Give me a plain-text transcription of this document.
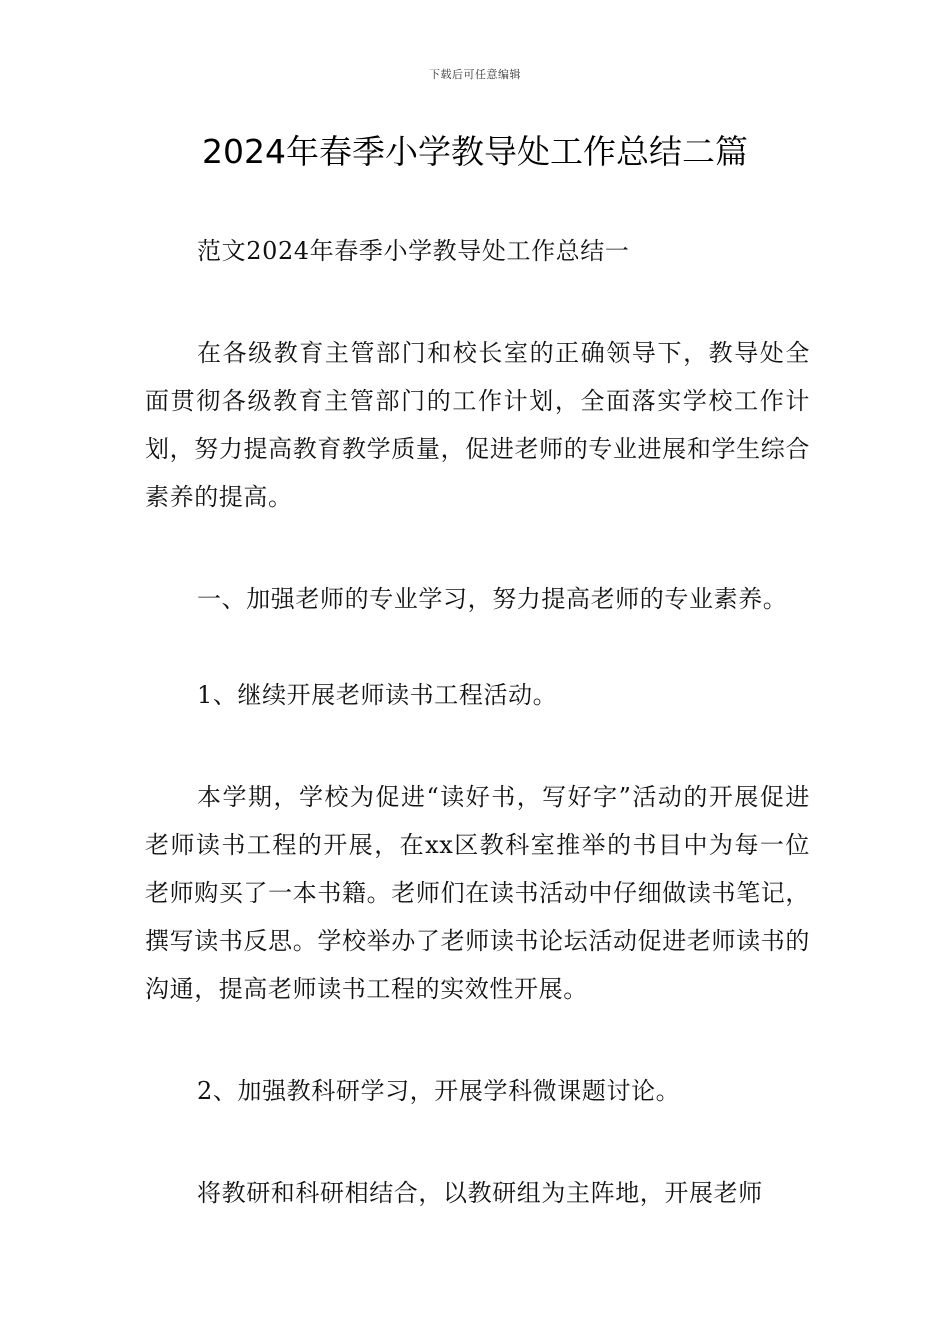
下载后可任意编辑
2024年春季小学教导处工作总结二篇

范文2024年春季小学教导处工作总结一

在各级教育主管部门和校长室的正确领导下，教导处全面贯彻各级教育主管部门的工作计划，全面落实学校工作计划，努力提高教育教学质量，促进老师的专业进展和学生综合素养的提高。

一、加强老师的专业学习，努力提高老师的专业素养。

1、继续开展老师读书工程活动。

本学期，学校为促进“读好书，写好字”活动的开展促进老师读书工程的开展，在xx区教科室推举的书目中为每一位老师购买了一本书籍。老师们在读书活动中仔细做读书笔记，撰写读书反思。学校举办了老师读书论坛活动促进老师读书的沟通，提高老师读书工程的实效性开展。

2、加强教科研学习，开展学科微课题讨论。

将教研和科研相结合，以教研组为主阵地，开展老师
